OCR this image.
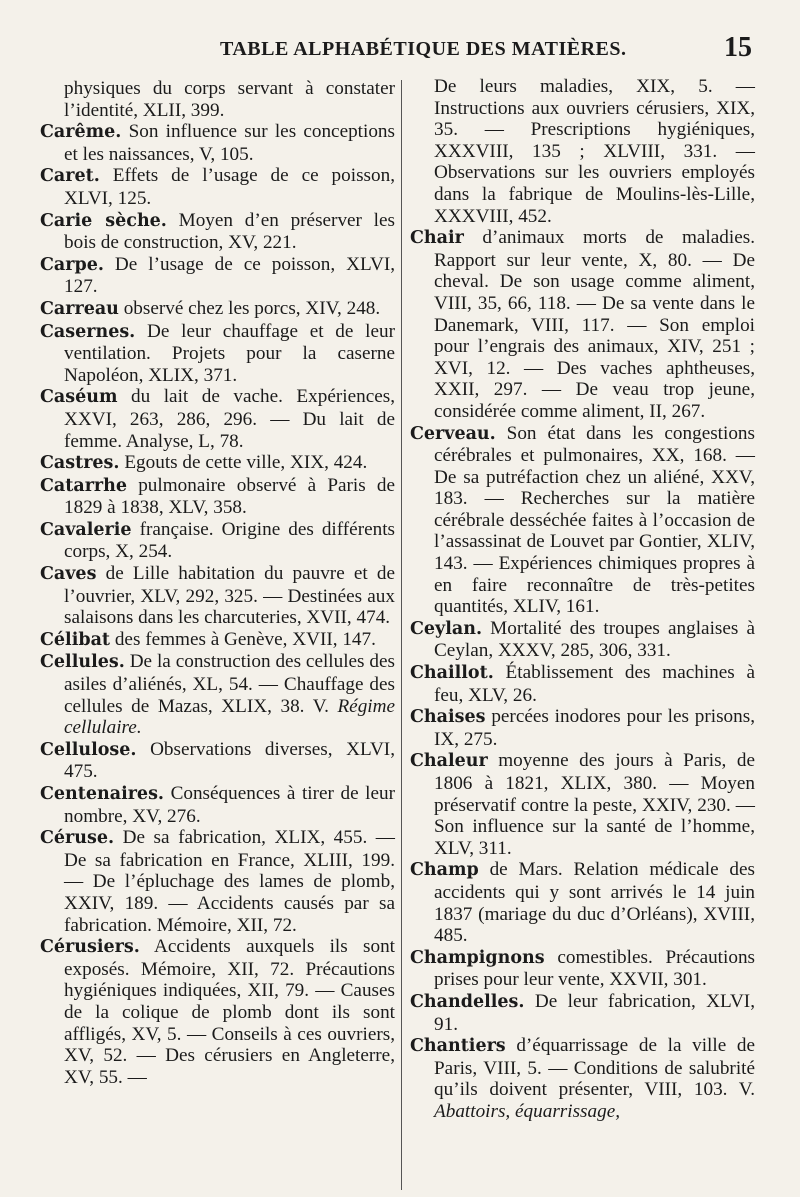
TABLE ALPHABÉTIQUE DES MATIÈRES.	15

physiques du corps servant à constater l’identité, XLII, 399.

Carême. Son influence sur les conceptions et les naissances, V, 105.

Caret. Effets de l’usage de ce poisson, XLVI, 125.

Carie sèche. Moyen d’en préserver les bois de construction, XV, 221.

Carpe. De l’usage de ce poisson, XLVI, 127.

Carreau observé chez les porcs, XIV, 248.

Casernes. De leur chauffage et de leur ventilation. Projets pour la caserne Napoléon, XLIX, 371.

Caséum du lait de vache. Expériences, XXVI, 263, 286, 296. — Du lait de femme. Analyse, L, 78.

Castres. Egouts de cette ville, XIX, 424.

Catarrhe pulmonaire observé à Paris de 1829 à 1838, XLV, 358.

Cavalerie française. Origine des différents corps, X, 254.

Caves de Lille habitation du pauvre et de l’ouvrier, XLV, 292, 325. — Destinées aux salaisons dans les charcuteries, XVII, 474.

Célibat des femmes à Genève, XVII, 147.

Cellules. De la construction des cellules des asiles d’aliénés, XL, 54. — Chauffage des cellules de Mazas, XLIX, 38. V. Régime cellulaire.

Cellulose. Observations diverses, XLVI, 475.

Centenaires. Conséquences à tirer de leur nombre, XV, 276.

Céruse. De sa fabrication, XLIX, 455. — De sa fabrication en France, XLIII, 199. — De l’épluchage des lames de plomb, XXIV, 189. — Accidents causés par sa fabrication. Mémoire, XII, 72.

Cérusiers. Accidents auxquels ils sont exposés. Mémoire, XII, 72. Précautions hygiéniques indiquées, XII, 79. — Causes de la colique de plomb dont ils sont affligés, XV, 5. — Conseils à ces ouvriers, XV, 52. — Des cérusiers en Angleterre, XV, 55. —

De leurs maladies, XIX, 5. — Instructions aux ouvriers cérusiers, XIX, 35. — Prescriptions hygiéniques, XXXVIII, 135 ; XLVIII, 331. — Observations sur les ouvriers employés dans la fabrique de Moulins-lès-Lille, XXXVIII, 452.

Chair d’animaux morts de maladies. Rapport sur leur vente, X, 80. — De cheval. De son usage comme aliment, VIII, 35, 66, 118. — De sa vente dans le Danemark, VIII, 117. — Son emploi pour l’engrais des animaux, XIV, 251 ; XVI, 12. — Des vaches aphtheuses, XXII, 297. — De veau trop jeune, considérée comme aliment, II, 267.

Cerveau. Son état dans les congestions cérébrales et pulmonaires, XX, 168. — De sa putréfaction chez un aliéné, XXV, 183. — Recherches sur la matière cérébrale desséchée faites à l’occasion de l’assassinat de Louvet par Gontier, XLIV, 143. — Expériences chimiques propres à en faire reconnaître de très-petites quantités, XLIV, 161.

Ceylan. Mortalité des troupes anglaises à Ceylan, XXXV, 285, 306, 331.

Chaillot. Établissement des machines à feu, XLV, 26.

Chaises percées inodores pour les prisons, IX, 275.

Chaleur moyenne des jours à Paris, de 1806 à 1821, XLIX, 380. — Moyen préservatif contre la peste, XXIV, 230. — Son influence sur la santé de l’homme, XLV, 311.

Champ de Mars. Relation médicale des accidents qui y sont arrivés le 14 juin 1837 (mariage du duc d’Orléans), XVIII, 485.

Champignons comestibles. Précautions prises pour leur vente, XXVII, 301.

Chandelles. De leur fabrication, XLVI, 91.

Chantiers d’équarrissage de la ville de Paris, VIII, 5. — Conditions de salubrité qu’ils doivent présenter, VIII, 103. V. Abattoirs, équarrissage,
